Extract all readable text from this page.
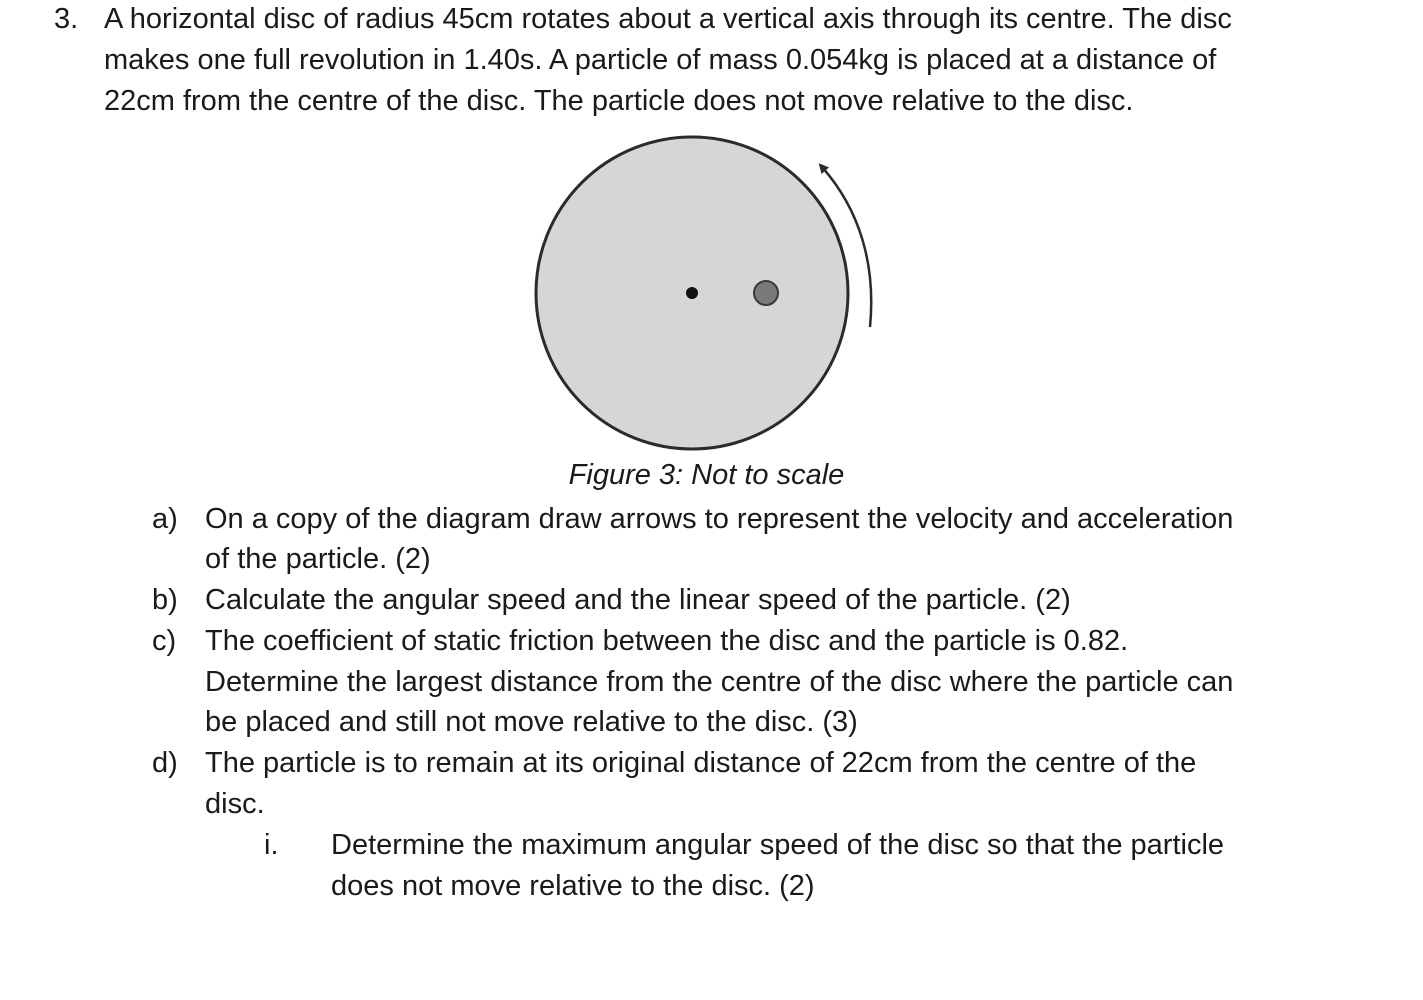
3. A horizontal disc of radius 45cm rotates about a vertical axis through its centre. The disc
makes one full revolution in 1.40s. A particle of mass 0.054kg is placed at a distance of
22cm from the centre of the disc. The particle does not move relative to the disc.
Figure 3: Not to scale
a) On a copy of the diagram draw arrows to represent the velocity and acceleration
of the particle. (2)
b) Calculate the angular speed and the linear speed of the particle. (2)
c) The coefficient of static friction between the disc and the particle is 0.82.
Determine the largest distance from the centre of the disc where the particle can
be placed and still not move relative to the disc. (3)
d) The particle is to remain at its original distance of 22cm from the centre of the
disc.
i. Determine the maximum angular speed of the disc so that the particle
does not move relative to the disc. (2)
